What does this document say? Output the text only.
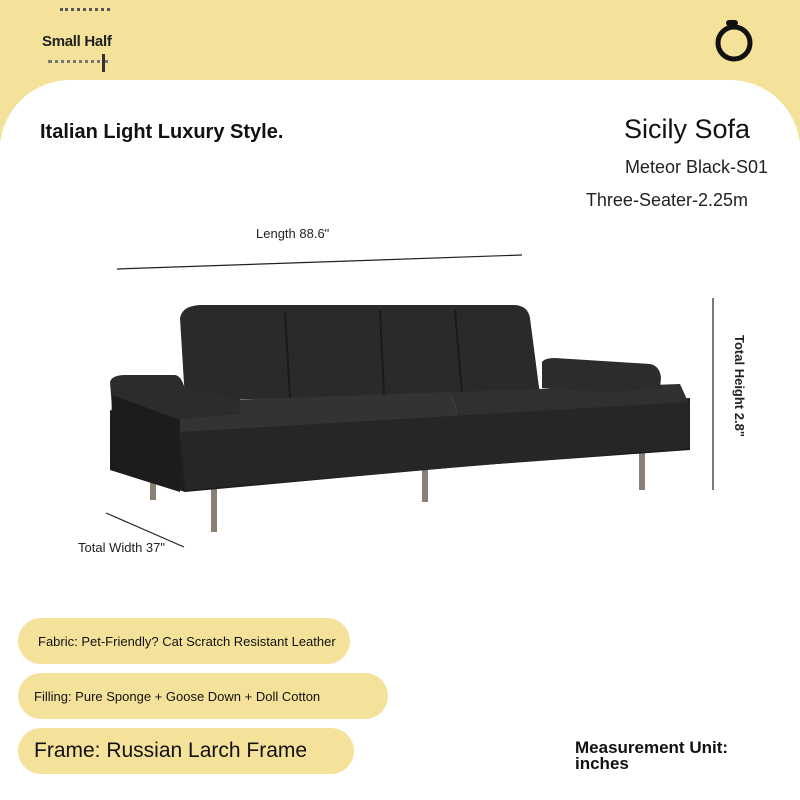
Small Half
Italian Light Luxury Style.	Sicily Sofa
Meteor Black-S01
Three-Seater-2.25m
Length 88.6"
Total Height 2.8"
Total Width 37"
Fabric: Pet-Friendly? Cat Scratch Resistant Leather
Filling: Pure Sponge + Goose Down + Doll Cotton
Frame: Russian Larch Frame	Measurement Unit: inches
